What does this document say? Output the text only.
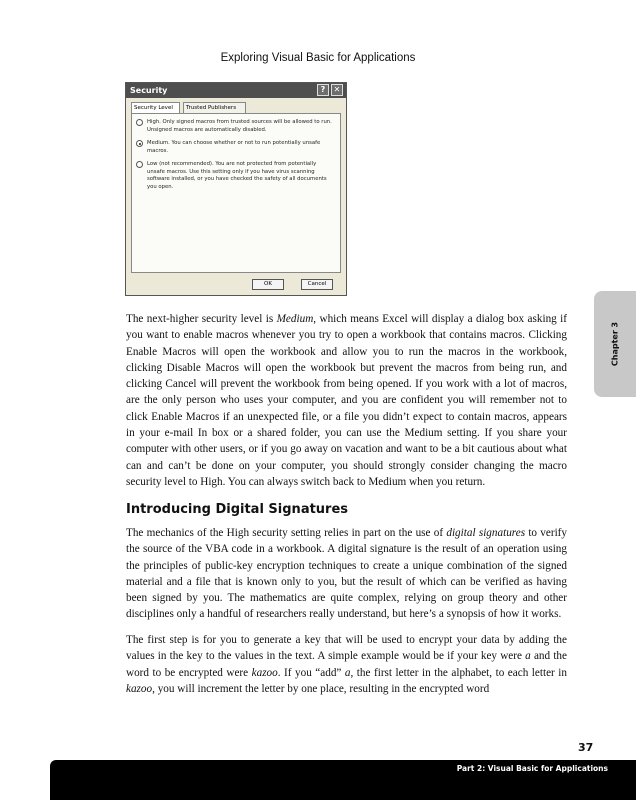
Exploring Visual Basic for Applications
Security	?	✕
Security Level	Trusted Publishers
High. Only signed macros from trusted sources will be allowed to run. Unsigned macros are automatically disabled.
Medium. You can choose whether or not to run potentially unsafe macros.
Low (not recommended). You are not protected from potentially unsafe macros. Use this setting only if you have virus scanning software installed, or you have checked the safety of all documents you open.
OK	Cancel

The next-higher security level is Medium, which means Excel will display a dialog box asking if you want to enable macros whenever you try to open a workbook that contains macros. Clicking Enable Macros will open the workbook and allow you to run the macros in the workbook, clicking Disable Macros will open the workbook but prevent the macros from being run, and clicking Cancel will prevent the workbook from being opened. If you work with a lot of macros, are the only person who uses your computer, and you are confident you will remember not to click Enable Macros if an unexpected file, or a file you didn’t expect to contain macros, appears in your e-mail In box or a shared folder, you can use the Medium setting. If you share your computer with other users, or if you go away on vacation and want to be a bit cautious about what can and can’t be done on your computer, you should strongly consider changing the macro security level to High. You can always switch back to Medium when you return.

Introducing Digital Signatures

The mechanics of the High security setting relies in part on the use of digital signatures to verify the source of the VBA code in a workbook. A digital signature is the result of an operation using the principles of public-key encryption techniques to create a unique combination of the signed material and a file that is known only to you, but the result of which can be verified as having been signed by you. The mathematics are quite complex, relying on group theory and other disciplines only a handful of researchers really understand, but here’s a synopsis of how it works.

The first step is for you to generate a key that will be used to encrypt your data by adding the values in the key to the values in the text. A simple example would be if your key were a and the word to be encrypted were kazoo. If you “add” a, the first letter in the alphabet, to each letter in kazoo, you will increment the letter by one place, resulting in the encrypted word

Chapter 3
37
Part 2: Visual Basic for Applications
